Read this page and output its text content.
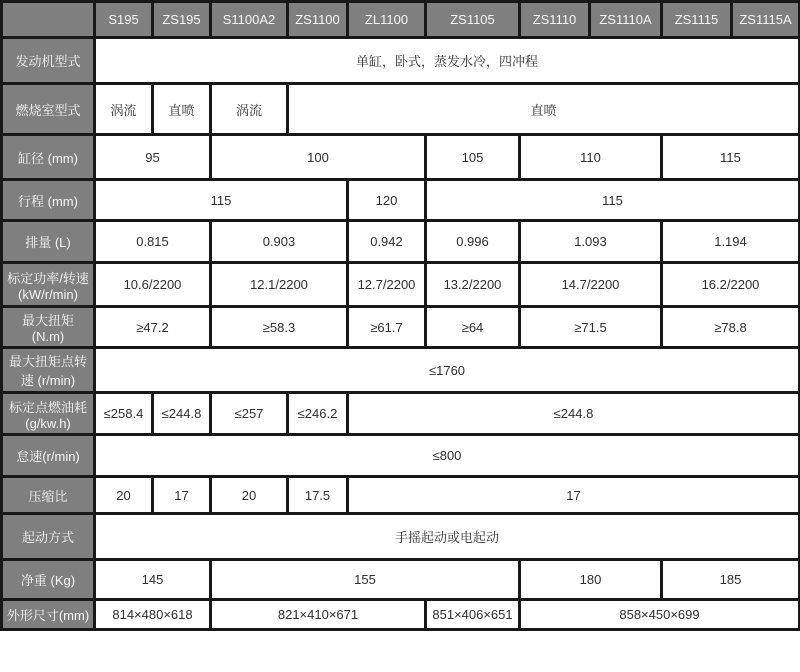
	S195	ZS195	S1100A2	ZS1100	ZL1100	ZS1105	ZS1110	ZS1110A	ZS1115	ZS1115A
发动机型式	单缸，卧式，蒸发水冷，四冲程									
燃烧室型式	涡流	直喷	涡流	直喷						
缸径 (mm)	95		100			105	110		115	
行程 (mm)	115				120	115				
排量 (L)	0.815		0.903		0.942	0.996	1.093		1.194	
标定功率/转速 (kW/r/min)	10.6/2200		12.1/2200		12.7/2200	13.2/2200	14.7/2200		16.2/2200	
最大扭矩 (N.m)	≥47.2		≥58.3		≥61.7	≥64	≥71.5		≥78.8	
最大扭矩点转速 (r/min)	≤1760									
标定点燃油耗 (g/kw.h)	≤258.4	≤244.8	≤257	≤246.2	≤244.8					
怠速(r/min)	≤800									
压缩比	20	17	20	17.5	17					
起动方式	手摇起动或电起动									
净重 (Kg)	145		155				180		185	
外形尺寸(mm)	814×480×618		821×410×671			851×406×651	858×450×699			
